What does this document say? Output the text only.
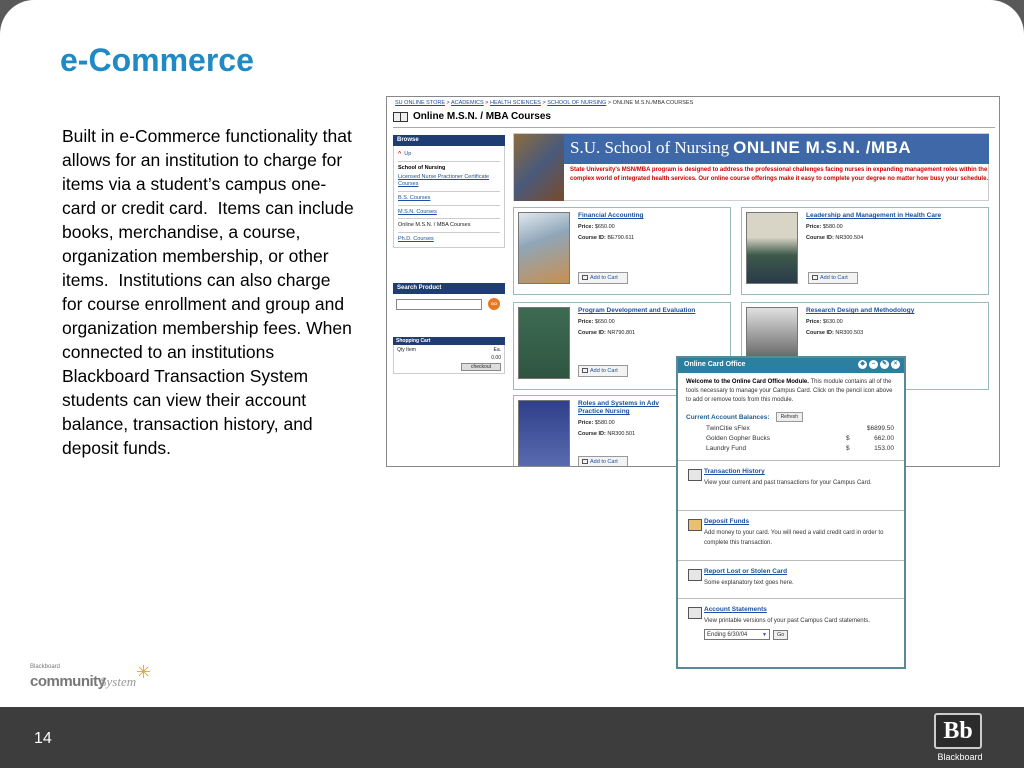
e-Commerce
Built in e-Commerce functionality that allows for an institution to charge for items via a student’s campus one-card or credit card.  Items can include books, merchandise, a course, organization membership, or other items.  Institutions can also charge for course enrollment and group and organization membership fees. When connected to an institutions Blackboard Transaction System students can view their account balance, transaction history, and deposit funds.
SU ONLINE STORE > ACADEMICS > HEALTH SCIENCES > SCHOOL OF NURSING > ONLINE M.S.N./MBA COURSES
Online M.S.N. / MBA Courses
Browse
^ Up
School of Nursing
Licensed Nurse Practioner Certificate Courses
B.S. Courses
M.S.N. Courses
Online M.S.N. / MBA Courses
Ph.D. Courses
Search Product
GO
Shopping Cart
Qty Item	Ea.
0.00
checkout
S.U. School of Nursing ONLINE M.S.N. /MBA
State University's MSN/MBA program is designed to address the professional challenges facing nurses in expanding management roles within the complex world of integrated health services. Our online course offerings make it easy to complete your degree no matter how busy your schedule.
Financial Accounting
Price: $650.00
Course ID: BE790.611
Add to Cart
Leadership and Management in Health Care
Price: $580.00
Course ID: NR300.504
Add to Cart
Program Development and Evaluation
Price: $650.00
Course ID: NR790.801
Add to Cart
Research Design and Methodology
Price: $630.00
Course ID: NR300.503
Roles and Systems in Adv Practice Nursing
Price: $580.00
Course ID: NR300.501
Add to Cart
Online Card Office	◆	–	✎	×
Welcome to the Online Card Office Module. This module contains all of the tools necessary to manage your Campus Card. Click on the pencil icon above to add or remove tools from this module.
Current Account Balances:	Refresh
TwinCitie sFlex	$6899.50
Golden Gopher Bucks	$	662.00
Laundry Fund	$	153.00
Transaction History
View your current and past transactions for your Campus Card.
Deposit Funds
Add money to your card. You will need a valid credit card in order to complete this transaction.
Report Lost or Stolen Card
Some explanatory text goes here.
Account Statements
View printable versions of your past Campus Card statements.
Ending 6/30/04 ▼	Go
Blackboard
community
System ✳
14	Bb
Blackboard
